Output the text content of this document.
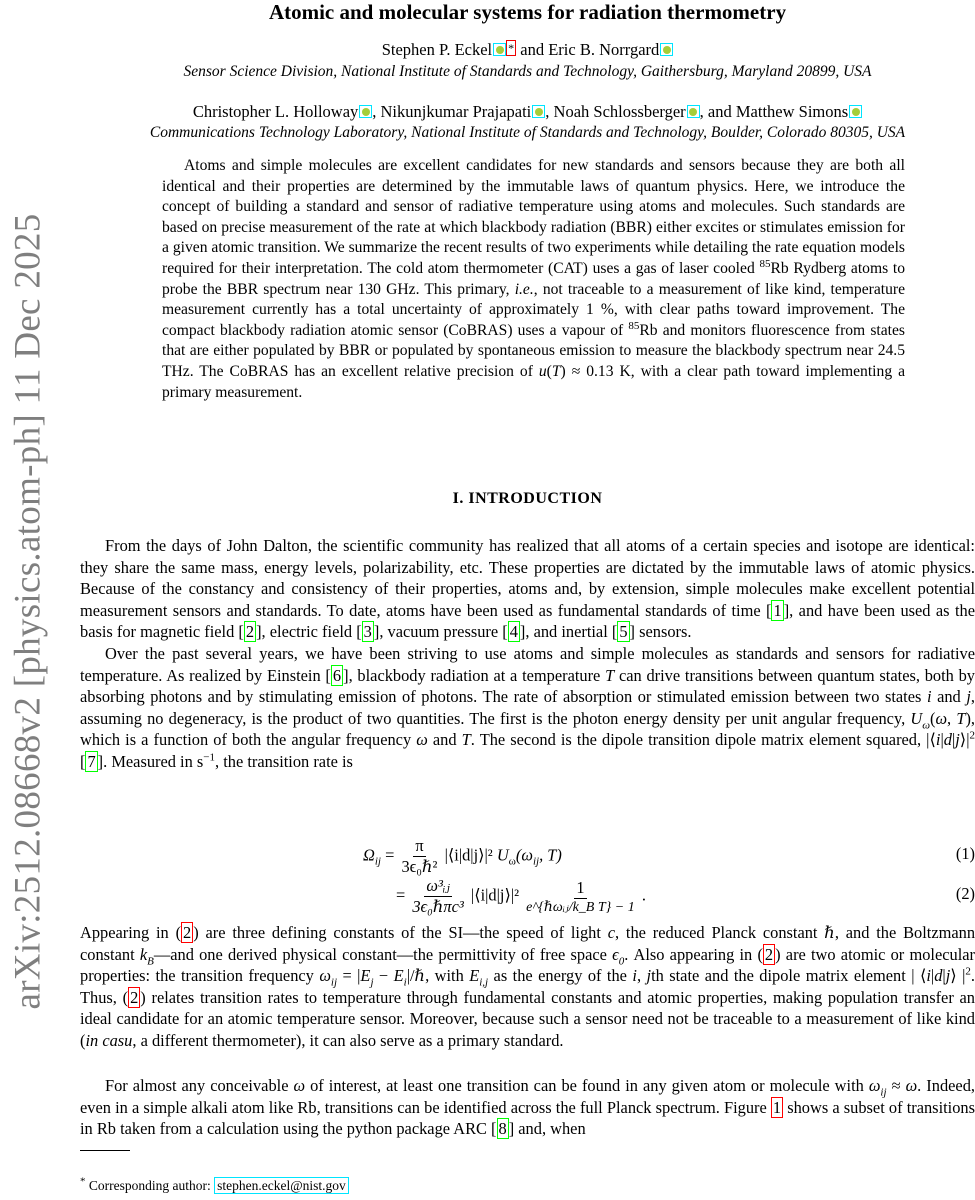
arXiv:2512.08668v2 [physics.atom-ph] 11 Dec 2025
Atomic and molecular systems for radiation thermometry
Stephen P. Eckel * and Eric B. Norrgard
Sensor Science Division, National Institute of Standards and Technology, Gaithersburg, Maryland 20899, USA
Christopher L. Holloway , Nikunjkumar Prajapati , Noah Schlossberger , and Matthew Simons
Communications Technology Laboratory, National Institute of Standards and Technology, Boulder, Colorado 80305, USA
Atoms and simple molecules are excellent candidates for new standards and sensors because they are both all identical and their properties are determined by the immutable laws of quantum physics. Here, we introduce the concept of building a standard and sensor of radiative temperature using atoms and molecules. Such standards are based on precise measurement of the rate at which blackbody radiation (BBR) either excites or stimulates emission for a given atomic transition. We summarize the recent results of two experiments while detailing the rate equation models required for their interpretation. The cold atom thermometer (CAT) uses a gas of laser cooled $^{85}$Rb Rydberg atoms to probe the BBR spectrum near 130 GHz. This primary, i.e., not traceable to a measurement of like kind, temperature measurement currently has a total uncertainty of approximately 1 %, with clear paths toward improvement. The compact blackbody radiation atomic sensor (CoBRAS) uses a vapour of $^{85}$Rb and monitors fluorescence from states that are either populated by BBR or populated by spontaneous emission to measure the blackbody spectrum near 24.5 THz. The CoBRAS has an excellent relative precision of u(T) ≈ 0.13 K, with a clear path toward implementing a primary measurement.
I. INTRODUCTION
From the days of John Dalton, the scientific community has realized that all atoms of a certain species and isotope are identical: they share the same mass, energy levels, polarizability, etc. These properties are dictated by the immutable laws of atomic physics. Because of the constancy and consistency of their properties, atoms and, by extension, simple molecules make excellent potential measurement sensors and standards. To date, atoms have been used as fundamental standards of time [ 1 ], and have been used as the basis for magnetic field [ 2 ], electric field [ 3 ], vacuum pressure [ 4 ], and inertial [ 5 ] sensors.
Over the past several years, we have been striving to use atoms and simple molecules as standards and sensors for radiative temperature. As realized by Einstein [ 6 ], blackbody radiation at a temperature T can drive transitions between quantum states, both by absorbing photons and by stimulating emission of photons. The rate of absorption or stimulated emission between two states i and j, assuming no degeneracy, is the product of two quantities. The first is the photon energy density per unit angular frequency, $U_\omega(\omega$, T), which is a function of both the angular frequency ω and T. The second is the dipole transition dipole matrix element squared, $|⟨i|d|j⟩|^2$ [ 7 ]. Measured in $s^{-1}$, the transition rate is
$\Omega_{ij} = \frac{\pi}{\text{3ϵ₀ℏ²}}$ |⟨i|d|j⟩|² $U_\omega(\omega_{ij}$, T)	(1)
= $\frac{\text{ω³ᵢⱼ}}{\text{3ϵ₀ℏπc³}}$ |⟨i|d|j⟩|² $\frac{1}{\text{e\textasciicircum{}\{ℏωᵢⱼ/k\_B T\} − 1}}$ .	(2)
Appearing in ( 2 ) are three defining constants of the SI—the speed of light c, the reduced Planck constant ℏ, and the Boltzmann constant $k_B—and$ one derived physical constant—the permittivity of free space $\epsilon_0$. Also appearing in ( 2 ) are two atomic or molecular properties: the transition frequency $\omega_{ij} = |E_j$ − $E_i|/\hbar$, with $E_{i,j}$ as the energy of the i, jth state and the dipole matrix element | ⟨i|d|j⟩ $|^2$. Thus, ( 2 ) relates transition rates to temperature through fundamental constants and atomic properties, making population transfer an ideal candidate for an atomic temperature sensor. Moreover, because such a sensor need not be traceable to a measurement of like kind (in casu, a different thermometer), it can also serve as a primary standard.
For almost any conceivable ω of interest, at least one transition can be found in any given atom or molecule with $\omega_{ij} \approx \omega$. Indeed, even in a simple alkali atom like Rb, transitions can be identified across the full Planck spectrum. Figure 1 shows a subset of transitions in Rb taken from a calculation using the python package ARC [ 8 ] and, when
* Corresponding author: stephen.eckel@nist.gov
